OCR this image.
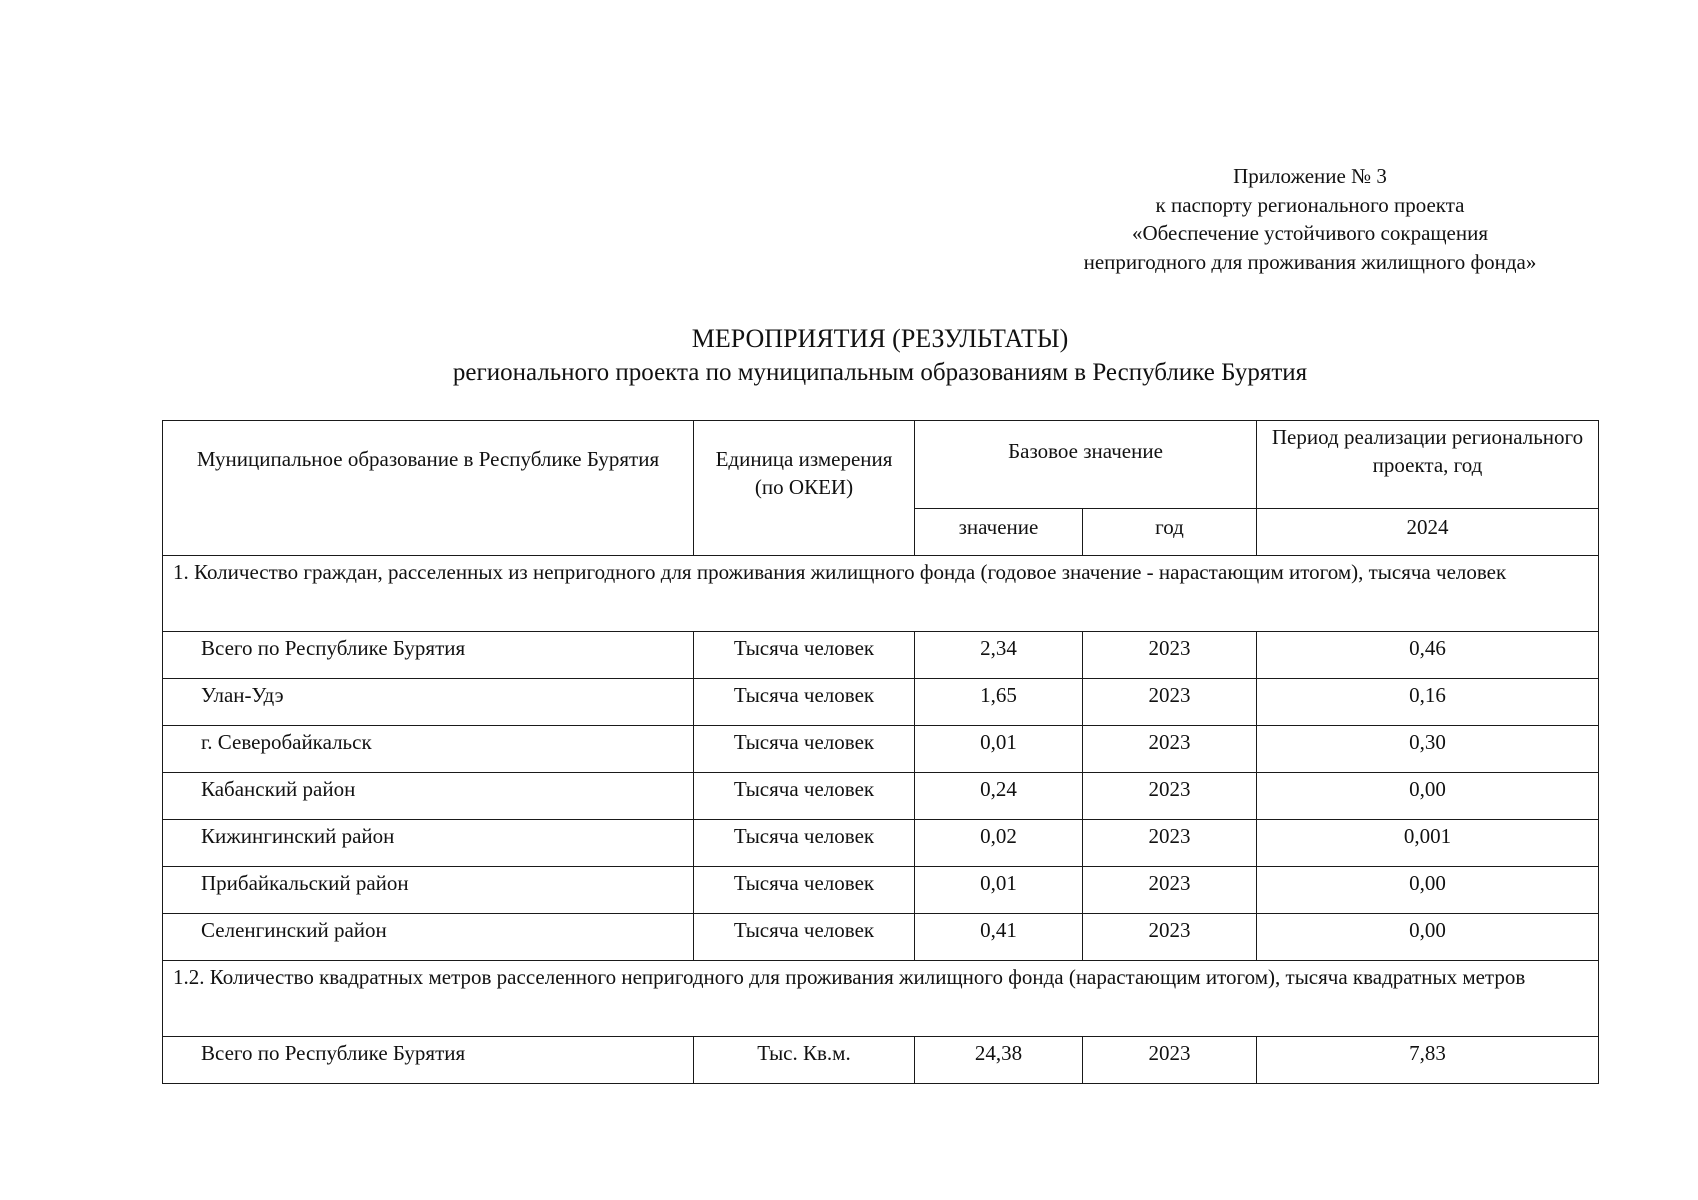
Приложение № 3
к паспорту регионального проекта
«Обеспечение устойчивого сокращения
непригодного для проживания жилищного фонда»
МЕРОПРИЯТИЯ (РЕЗУЛЬТАТЫ)
регионального проекта по муниципальным образованиям в Республике Бурятия
Муниципальное образование в Республике Бурятия	Единица измерения (по ОКЕИ)	Базовое значение		Период реализации регионального проекта, год
		значение	год	2024
1. Количество граждан, расселенных из непригодного для проживания жилищного фонда (годовое значение - нарастающим итогом), тысяча человек				
Всего по Республике Бурятия	Тысяча человек	2,34	2023	0,46
Улан-Удэ	Тысяча человек	1,65	2023	0,16
г. Северобайкальск	Тысяча человек	0,01	2023	0,30
Кабанский район	Тысяча человек	0,24	2023	0,00
Кижингинский район	Тысяча человек	0,02	2023	0,001
Прибайкальский район	Тысяча человек	0,01	2023	0,00
Селенгинский район	Тысяча человек	0,41	2023	0,00
1.2. Количество квадратных метров расселенного непригодного для проживания жилищного фонда (нарастающим итогом), тысяча квадратных метров				
Всего по Республике Бурятия	Тыс. Кв.м.	24,38	2023	7,83
